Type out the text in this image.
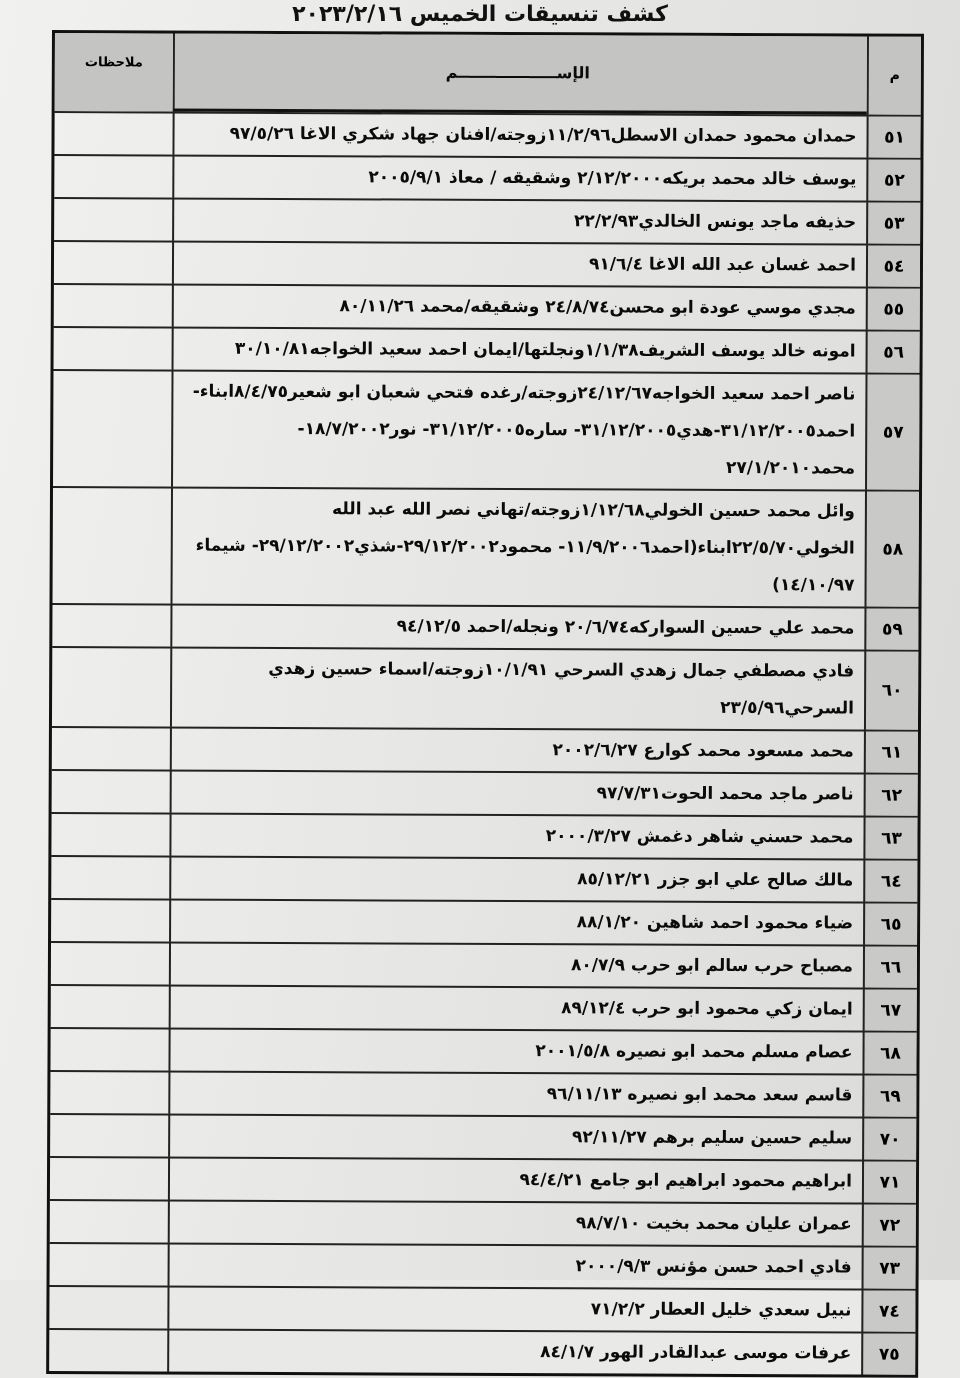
كشف تنسيقات الخميس ٢٠٢٣/٢/١٦
م
الإســــــــــــــــــم
ملاحظات
٥١
حمدان محمود حمدان الاسطل١١/٢/٩٦زوجته/افنان جهاد شكري الاغا ٩٧/٥/٢٦
٥٢
يوسف خالد محمد بريكه٢/١٢/٢٠٠٠ وشقيقه / معاذ ٢٠٠٥/٩/١
٥٣
حذيفه ماجد يونس الخالدي٢٢/٢/٩٣
٥٤
احمد غسان عبد الله الاغا ٩١/٦/٤
٥٥
مجدي موسي عودة ابو محسن٢٤/٨/٧٤ وشقيقه/محمد ٨٠/١١/٢٦
٥٦
امونه خالد يوسف الشريف١/١/٣٨ونجلتها/ايمان احمد سعيد الخواجه٣٠/١٠/٨١
٥٧
ناصر احمد سعيد الخواجه٢٤/١٢/٦٧زوجته/رغده فتحي شعبان ابو شعير٨/٤/٧٥ابناء- احمد٣١/١٢/٢٠٠٥-هدي٣١/١٢/٢٠٠٥- ساره٣١/١٢/٢٠٠٥- نور١٨/٧/٢٠٠٢- محمد٢٧/١/٢٠١٠
٥٨
وائل محمد حسين الخولي١/١٢/٦٨زوجته/تهاني نصر الله عبد الله الخولي٢٢/٥/٧٠ابناء(احمد١١/٩/٢٠٠٦- محمود٢٩/١٢/٢٠٠٢-شذي٢٩/١٢/٢٠٠٢- شيماء ١٤/١٠/٩٧)
٥٩
محمد علي حسين السواركه٢٠/٦/٧٤ ونجله/احمد ٩٤/١٢/٥
٦٠
فادي مصطفي جمال زهدي السرحي ١٠/١/٩١زوجته/اسماء حسين زهدي السرحي٢٣/٥/٩٦
٦١
محمد مسعود محمد كوارع ٢٠٠٢/٦/٢٧
٦٢
ناصر ماجد محمد الحوت٩٧/٧/٣١
٦٣
محمد حسني شاهر دغمش ٢٠٠٠/٣/٢٧
٦٤
مالك صالح علي ابو جزر ٨٥/١٢/٢١
٦٥
ضياء محمود احمد شاهين ٨٨/١/٢٠
٦٦
مصباح حرب سالم ابو حرب ٨٠/٧/٩
٦٧
ايمان زكي محمود ابو حرب ٨٩/١٢/٤
٦٨
عصام مسلم محمد ابو نصيره ٢٠٠١/٥/٨
٦٩
قاسم سعد محمد ابو نصيره ٩٦/١١/١٣
٧٠
سليم حسين سليم برهم ٩٢/١١/٢٧
٧١
ابراهيم محمود ابراهيم ابو جامع ٩٤/٤/٢١
٧٢
عمران عليان محمد بخيت ٩٨/٧/١٠
٧٣
فادي احمد حسن مؤنس ٢٠٠٠/٩/٣
٧٤
نبيل سعدي خليل العطار ٧١/٢/٢
٧٥
عرفات موسى عبدالقادر الهور ٨٤/١/٧
